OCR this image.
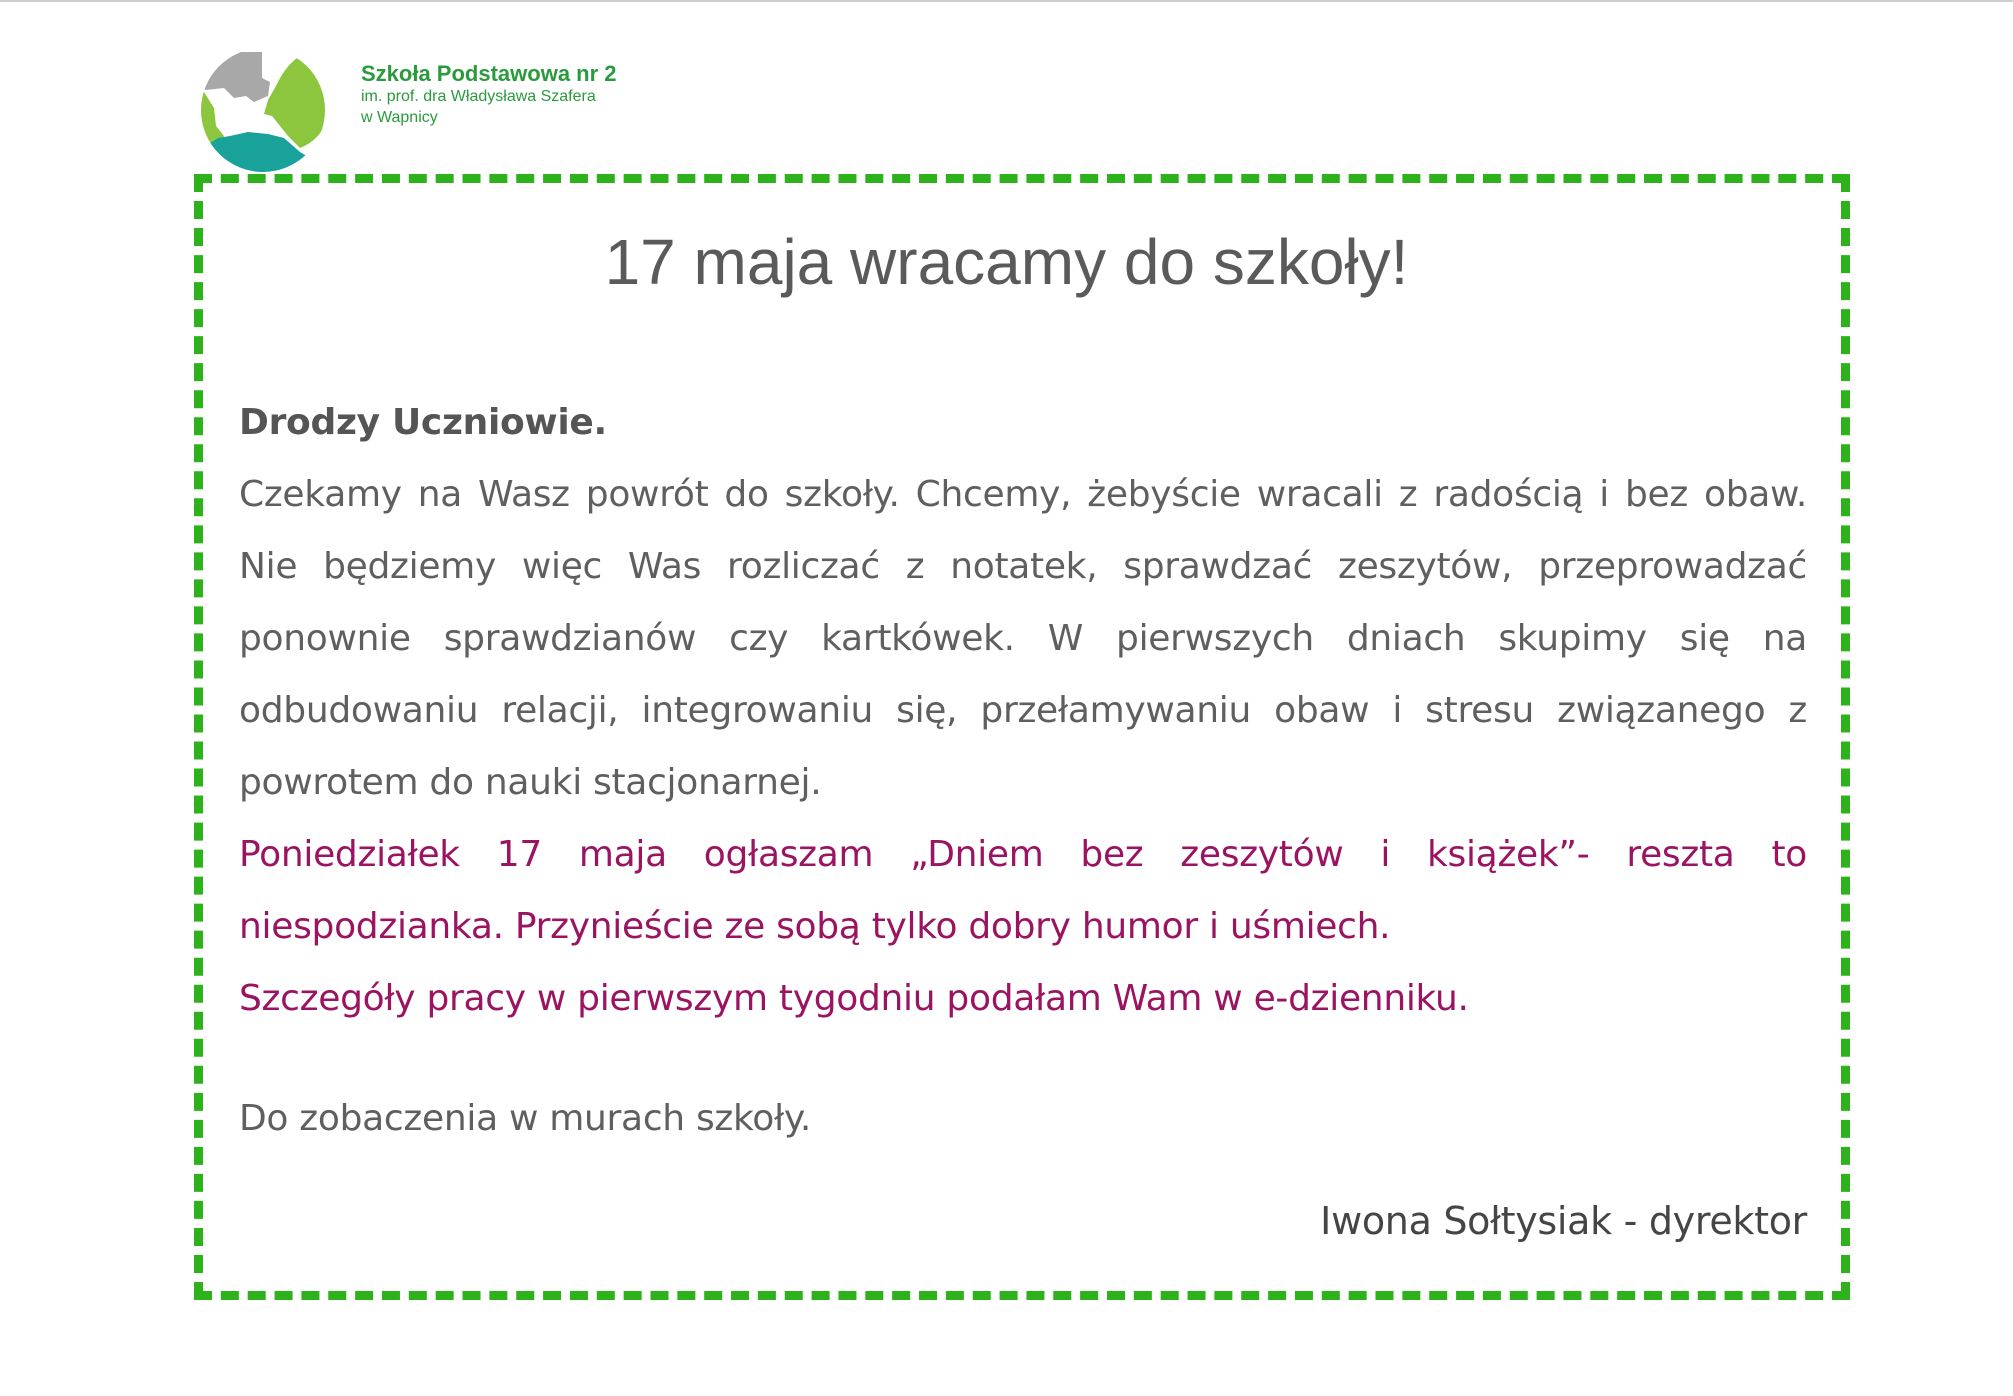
Szkoła Podstawowa nr 2
im. prof. dra Władysława Szafera
w Wapnicy
17 maja wracamy do szkoły!

Drodzy Uczniowie.

Czekamy na Wasz powrót do szkoły. Chcemy, żebyście wracali z radością i bez obaw. Nie będziemy więc Was rozliczać z notatek, sprawdzać zeszytów, przeprowadzać ponownie sprawdzianów czy kartkówek. W pierwszych dniach skupimy się na odbudowaniu relacji, integrowaniu się, przełamywaniu obaw i stresu związanego z powrotem do nauki stacjonarnej.

Poniedziałek 17 maja ogłaszam „Dniem bez zeszytów i książek”- reszta to niespodzianka. Przynieście ze sobą tylko dobry humor i uśmiech.

Szczegóły pracy w pierwszym tygodniu podałam Wam w e-dzienniku.

Do zobaczenia w murach szkoły.

Iwona Sołtysiak - dyrektor
